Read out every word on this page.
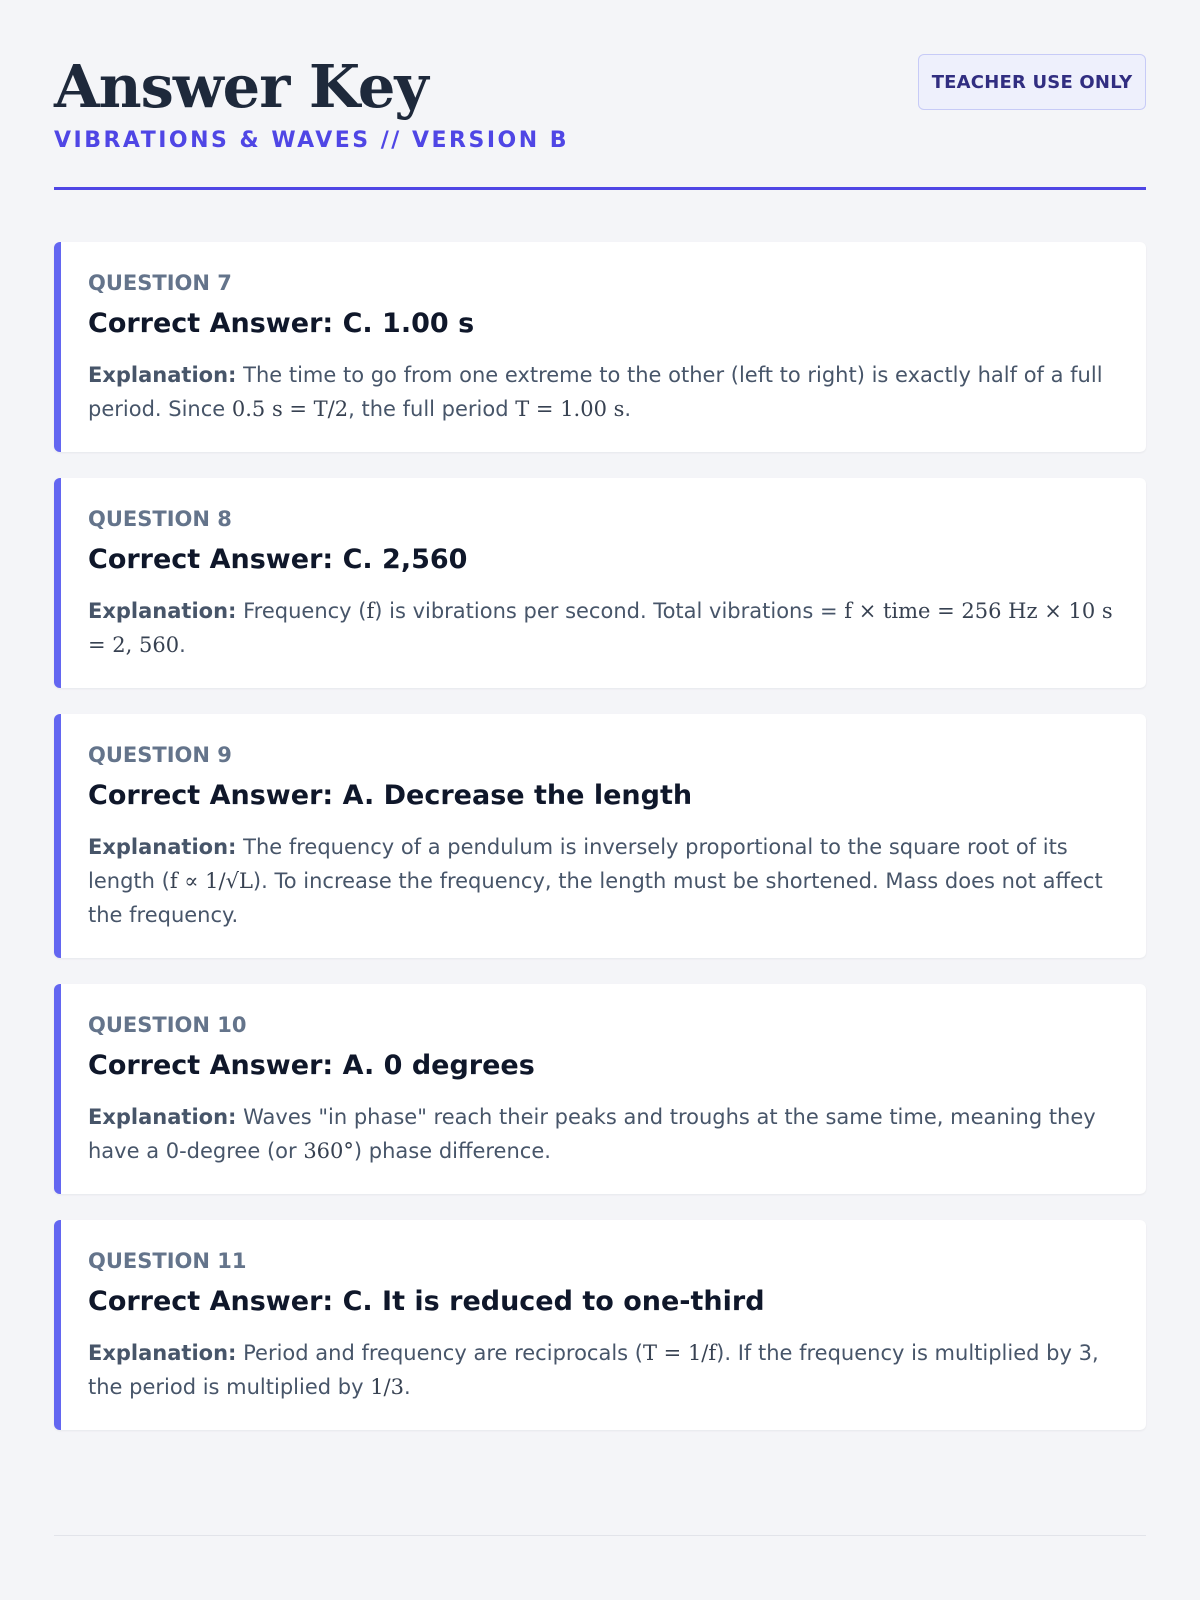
Answer Key
VIBRATIONS & WAVES // VERSION B
TEACHER USE ONLY
QUESTION 7
Correct Answer: C. 1.00 s

Explanation: The time to go from one extreme to the other (left to right) is exactly half of a full period. Since 0.5 s = T/2, the full period T = 1.00 s.

QUESTION 8
Correct Answer: C. 2,560

Explanation: Frequency (f) is vibrations per second. Total vibrations = f × time = 256 Hz × 10 s = 2, 560.

QUESTION 9
Correct Answer: A. Decrease the length

Explanation: The frequency of a pendulum is inversely proportional to the square root of its length (f ∝ 1/√L). To increase the frequency, the length must be shortened. Mass does not affect the frequency.

QUESTION 10
Correct Answer: A. 0 degrees

Explanation: Waves "in phase" reach their peaks and troughs at the same time, meaning they have a 0-degree (or 360°) phase difference.

QUESTION 11
Correct Answer: C. It is reduced to one-third

Explanation: Period and frequency are reciprocals (T = 1/f). If the frequency is multiplied by 3, the period is multiplied by 1/3.
